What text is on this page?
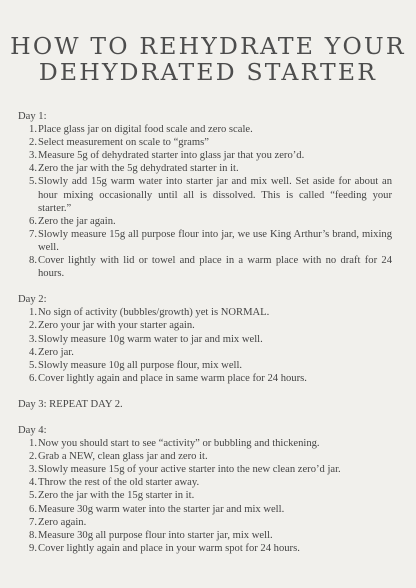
HOW TO REHYDRATE YOUR
DEHYDRATED STARTER
Day 1:
1. Place glass jar on digital food scale and zero scale.
2. Select measurement on scale to “grams”
3. Measure 5g of dehydrated starter into glass jar that you zero’d.
4. Zero the jar with the 5g dehydrated starter in it.
5. Slowly add 15g warm water into starter jar and mix well. Set aside for about an hour mixing occasionally until all is dissolved. This is called “feeding your starter.”
6. Zero the jar again.
7. Slowly measure 15g all purpose flour into jar, we use King Arthur’s brand, mixing well.
8. Cover lightly with lid or towel and place in a warm place with no draft for 24 hours.
Day 2:
1. No sign of activity (bubbles/growth) yet is NORMAL.
2. Zero your jar with your starter again.
3. Slowly measure 10g warm water to jar and mix well.
4. Zero jar.
5. Slowly measure 10g all purpose flour, mix well.
6. Cover lightly again and place in same warm place for 24 hours.
Day 3: REPEAT DAY 2.
Day 4:
1. Now you should start to see “activity” or bubbling and thickening.
2. Grab a NEW, clean glass jar and zero it.
3. Slowly measure 15g of your active starter into the new clean zero’d jar.
4. Throw the rest of the old starter away.
5. Zero the jar with the 15g starter in it.
6. Measure 30g warm water into the starter jar and mix well.
7. Zero again.
8. Measure 30g all purpose flour into starter jar, mix well.
9. Cover lightly again and place in your warm spot for 24 hours.
